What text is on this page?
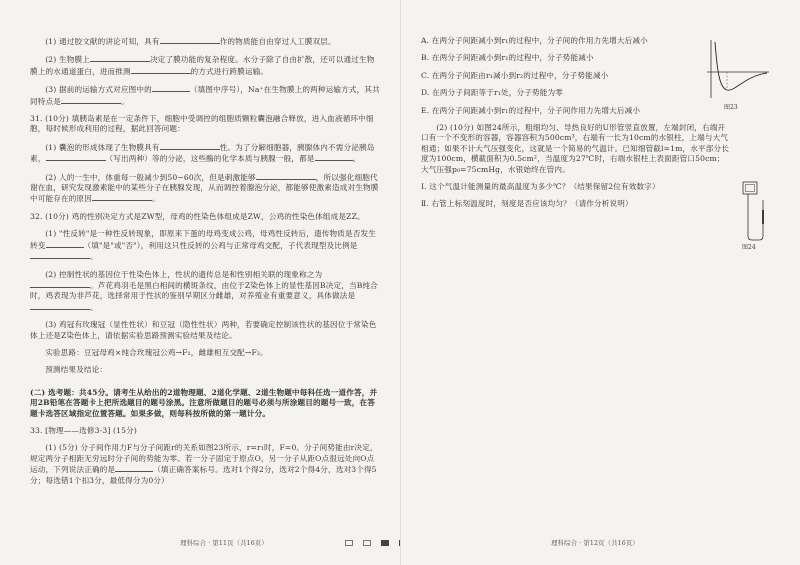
(1) 通过胶文献的讲论可知，具有	作的物质能自由穿过人工膜双层。

(2) 生物膜上	决定了膜功能的复杂程度。水分子除了自由扩散，还可以通过生物膜上的水通道蛋白，进而推测	的方式进行跨膜运输。

(3) 据前的运输方式对应图中的	（填图中序号），Na⁺在生物膜上的两种运输方式，其共同特点是	。

31. (10分) 填胰岛素是在一定条件下，细胞中受调控的组胞质颗粒囊泡融合释放，进入血液循环中细胞，每时候形成利用的过程，据此回答问题：

(1) 囊泡的形成体现了生物膜具有	性。为了分解细胞器，胰腺体内不需分泌胰岛素，	（写出两种）等的分泌，这些酶的化学本质与胰腺一般，都是	。

(2) 人的一生中，体重每一般减少到50~60次，但是刺激能够	，所以强化细胞代谢在血，研究发现激素能中的某些分子在胰腺发现，从而调控着腺泡分泌，都能够使激素造成对生物膜中可能存在的原因	。

32. (10分) 鸡的性别决定方式是ZW型，母鸡的性染色体组成是ZW，公鸡的性染色体组成是ZZ。

(1) "性反转"是一种性反转现象，即原来下蛋的母鸡变成公鸡，母鸡性反转后，遗传物质是否发生转变	（填"是"或"否"），利用这只性反转的公鸡与正常母鸡交配，子代表现型及比例是。

(2) 控制性状的基因位于性染色体上，性状的遗传总是和性别相关联的现象称之为。芦花鸡羽毛是黑白相间的横斑条纹，由位于Z染色体上的显性基因B决定，当B纯合时，鸡表现为非芦花，选择常用于性状的鉴别早期区分雌雄，对养殖业有重要意义，具体做法是。

(3) 鸡冠有玫瑰冠（显性性状）和豆冠（隐性性状）两种，若要确定控制该性状的基因位于常染色体上还是Z染色体上，请依据实验思路预测实验结果及结论。

实验思路：豆冠母鸡×纯合玫瑰冠公鸡→F₁，雌雄相互交配→F₂。

预测结果及结论：

(二) 选考题：共45分。请考生从给出的2道物理题、2道化学题、2道生物题中每科任选一道作答，并用2B铅笔在答题卡上把所选题目的题号涂黑。注意所做题目的题号必须与所涂题目的题号一致，在答题卡选答区域指定位置答题。如果多做，则每科按所做的第一题计分。

33. [物理——选修3-3] (15分)

(1) (5分) 分子间作用力F与分子间距r的关系如图23所示，r=r₁时，F=0。分子间势能由r决定，规定两分子相距无穷远时分子间的势能为零。若一分子固定于原点O，另一分子从距O点很远处向O点运动，下列说法正确的是	（填正确答案标号。选对1个得2分，选对2个得4分，选对3个得5分；每选错1个扣3分，最低得分为0分）

理科综合 · 第11页（共16页）

A. 在两分子间距减小到r₁的过程中，分子间的作用力先增大后减小

B. 在两分子间距减小到r₁的过程中，分子势能减小

C. 在两分子间距由r₁减小到r₂的过程中，分子势能减小

D. 在两分子间距等于r₁处，分子势能为零

E. 在两分子间距减小到r₁的过程中，分子间作用力先增大后减小

(2) (10分) 如图24所示，粗细均匀、导热良好的U形管竖直放置，左端封闭，右端开口有一个不变形的容器，容器容积为500cm³，右端有一长为10cm的水银柱，上端与大气相通；如果不计大气压强变化，这就是一个简易的气温计。已知细管截l=1m，水平部分长度为100cm，横截面积为0.5cm²，当温度为27℃时，右端水银柱上表面距管口50cm；大气压强p₀=75cmHg，水银始终在管内。

Ⅰ. 这个气温计能测量的最高温度为多少℃？（结果保留2位有效数字）

Ⅱ. 右管上标刻温度时，刻度是否应该均匀？（请作分析说明）

图23
图24
理科综合 · 第12页（共16页）
